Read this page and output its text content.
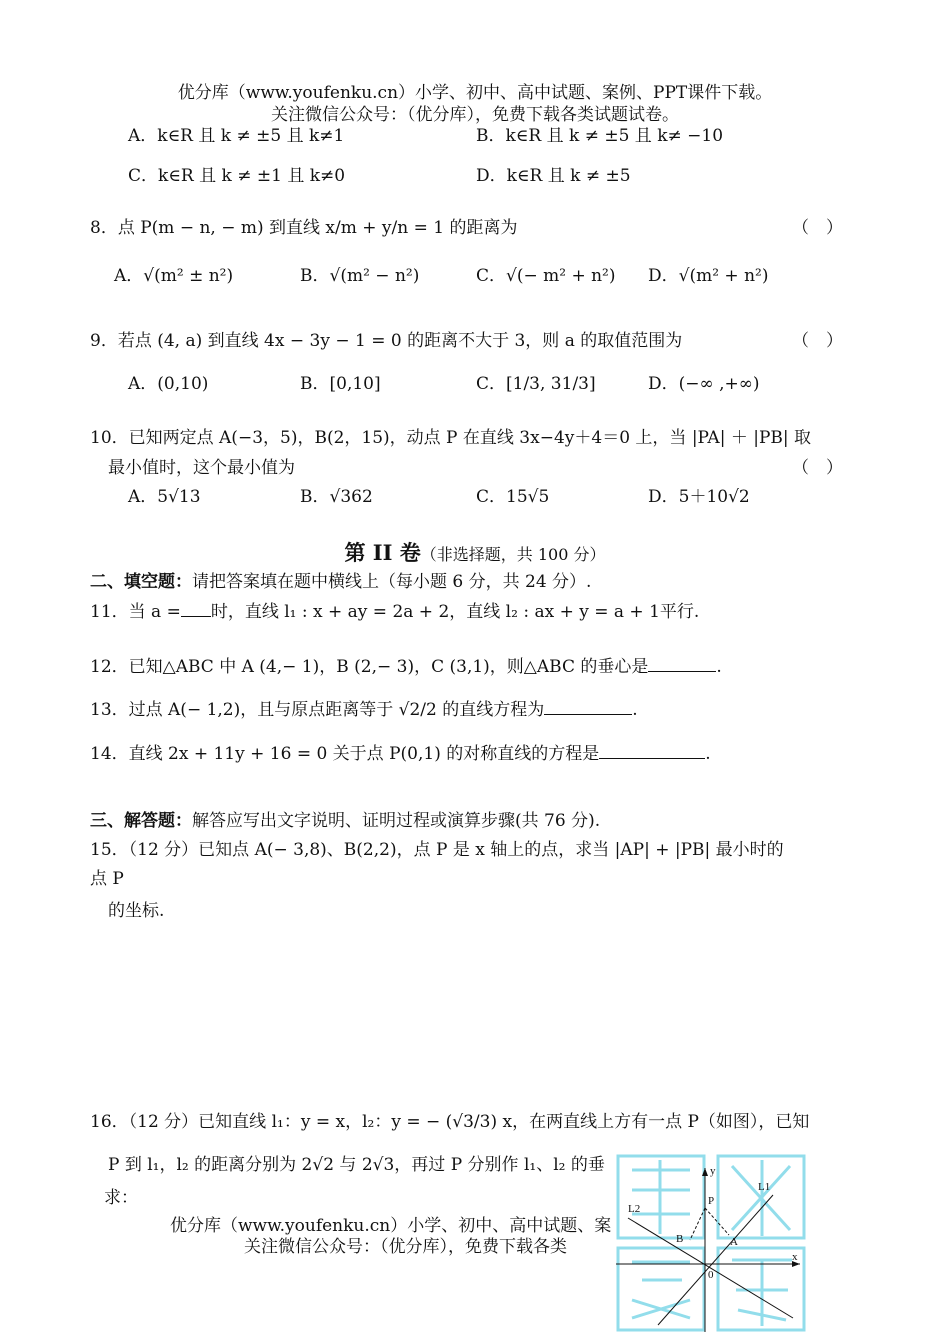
优分库（www.youfenku.cn）小学、初中、高中试题、案例、PPT课件下载。
关注微信公众号：（优分库），免费下载各类试题试卷。
A．k∈R 且 k ≠ ±5 且 k≠1	B．k∈R 且 k ≠ ±5 且 k≠ −10
C．k∈R 且 k ≠ ±1 且 k≠0	D．k∈R 且 k ≠ ±5
8．点 P(m − n, − m) 到直线 x/m + y/n = 1 的距离为	（　）
A．√(m² ± n²)	B．√(m² − n²)	C．√(− m² + n²) D．√(m² + n²)
9．若点 (4, a) 到直线 4x − 3y − 1 = 0 的距离不大于 3，则 a 的取值范围为	（　）
A．(0,10)	B．[0,10]	C．[1/3, 31/3]	D．(−∞ ,+∞)
10．已知两定点 A(−3，5)，B(2，15)，动点 P 在直线 3x−4y＋4＝0 上，当 |PA| ＋ |PB| 取
最小值时，这个最小值为	（　）
A．5√13	B．√362	C．15√5	D．5＋10√2
第 II 卷（非选择题，共 100 分）
二、填空题：请把答案填在题中横线上（每小题 6 分，共 24 分）.
11．当 a = 时，直线 l₁ : x + ay = 2a + 2，直线 l₂ : ax + y = a + 1平行.
12．已知△ABC 中 A (4,− 1)，B (2,− 3)，C (3,1)，则△ABC 的垂心是	.
13．过点 A(− 1,2)，且与原点距离等于 √2/2 的直线方程为	.
14．直线 2x + 11y + 16 = 0 关于点 P(0,1) 的对称直线的方程是	.
三、解答题：解答应写出文字说明、证明过程或演算步骤(共 76 分).
15．（12 分）已知点 A(− 3,8)、B(2,2)，点 P 是 x 轴上的点，求当 |AP| + |PB| 最小时的
点 P
的坐标.
16．（12 分）已知直线 l₁：y = x，l₂：y = − (√3/3) x，在两直线上方有一点 P（如图），已知
P 到 l₁，l₂ 的距离分别为 2√2 与 2√3，再过 P 分别作 l₁、l₂ 的垂
求：
优分库（www.youfenku.cn）小学、初中、高中试题、案
关注微信公众号：（优分库），免费下载各类
y
x
0
P
A
B
L1
L2
